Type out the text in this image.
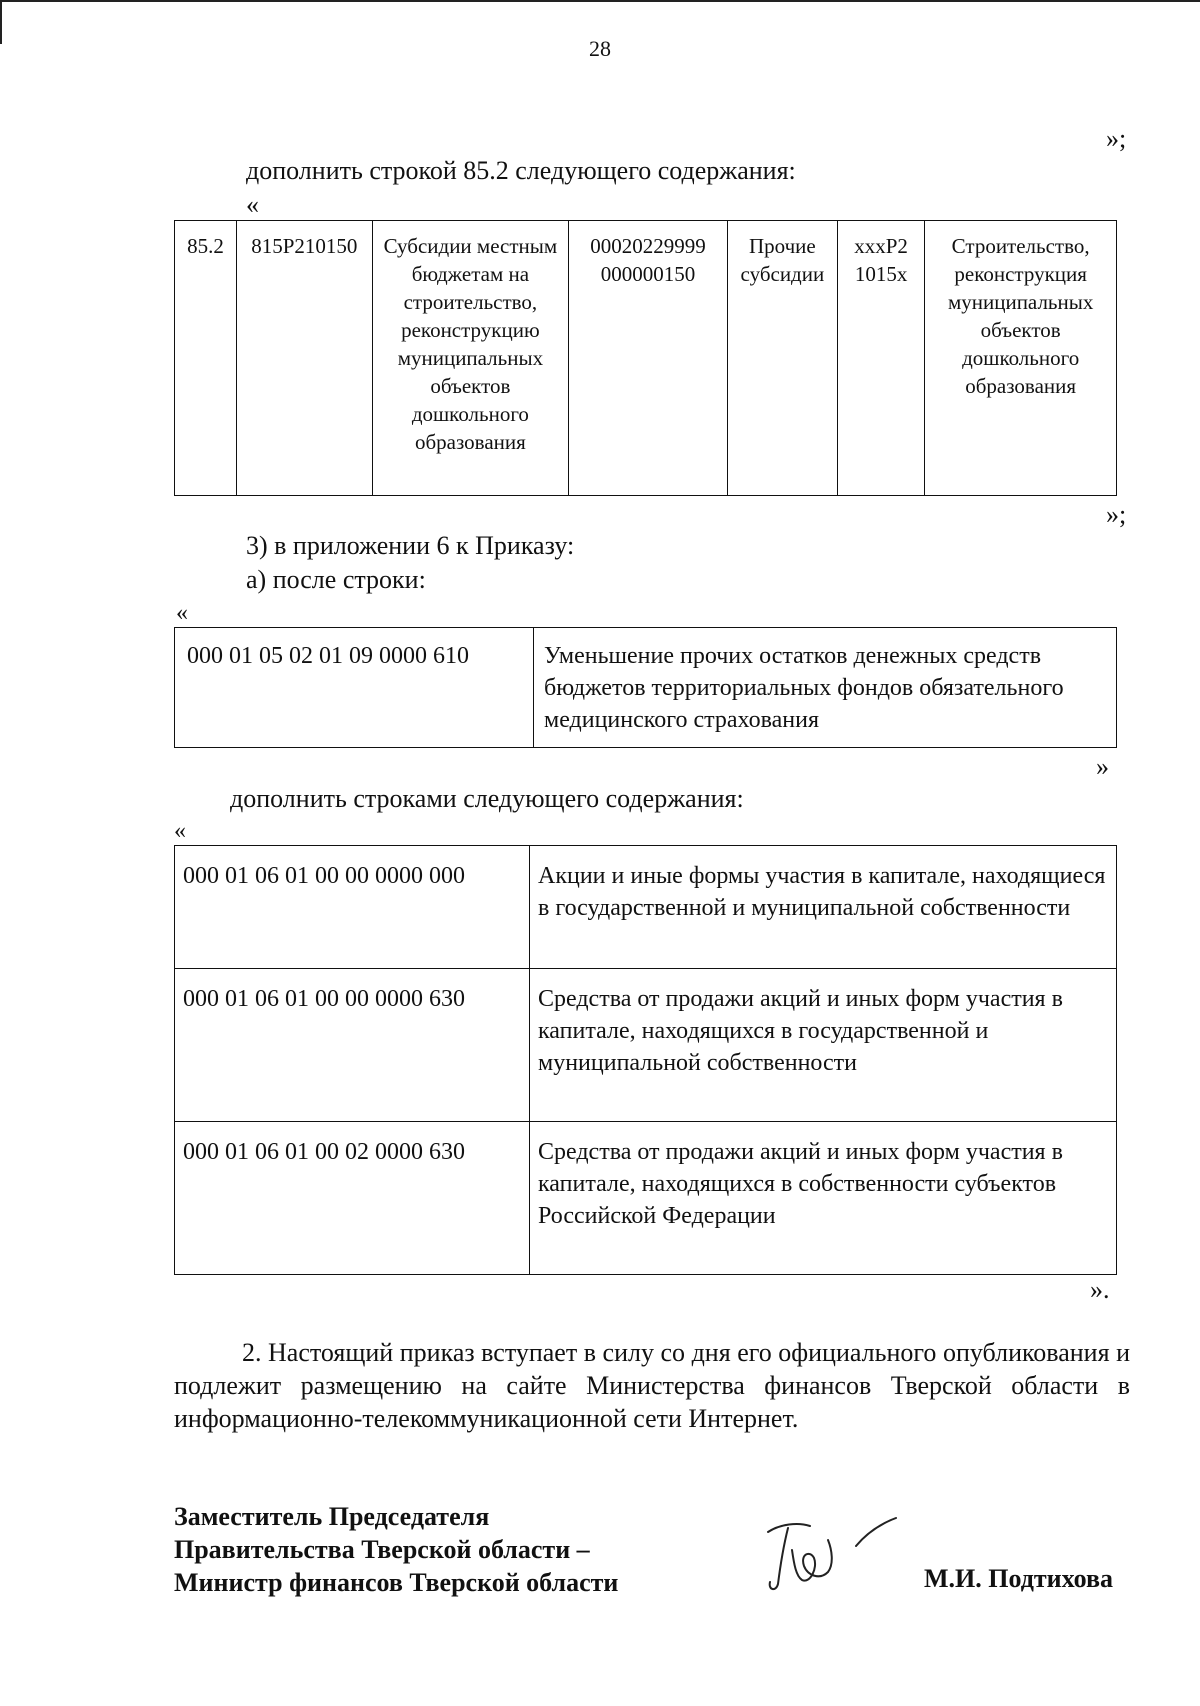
28
»;
дополнить строкой 85.2 следующего содержания:
«
85.2	815P210150	Субсидии местным бюджетам на строительство, реконструкцию муниципальных объектов дошкольного образования	00020229999 000000150	Прочие субсидии	xxxP2 1015x	Строительство, реконструкция муниципальных объектов дошкольного образования
»;
3) в приложении 6 к Приказу:
а) после строки:
«
000 01 05 02 01 09 0000 610	Уменьшение прочих остатков денежных средств бюджетов территориальных фондов обязательного медицинского страхования
»
дополнить строками следующего содержания:
«
000 01 06 01 00 00 0000 000	Акции и иные формы участия в капитале, находящиеся в государственной и муниципальной собственности
000 01 06 01 00 00 0000 630	Средства от продажи акций и иных форм участия в капитале, находящихся в государственной и муниципальной собственности
000 01 06 01 00 02 0000 630	Средства от продажи акций и иных форм участия в капитале, находящихся в собственности субъектов Российской Федерации
».
2. Настоящий приказ вступает в силу со дня его официального опубликования и подлежит размещению на сайте Министерства финансов Тверской области в информационно-телекоммуникационной сети Интернет.
Заместитель Председателя
Правительства Тверской области –
Министр финансов Тверской области	М.И. Подтихова
